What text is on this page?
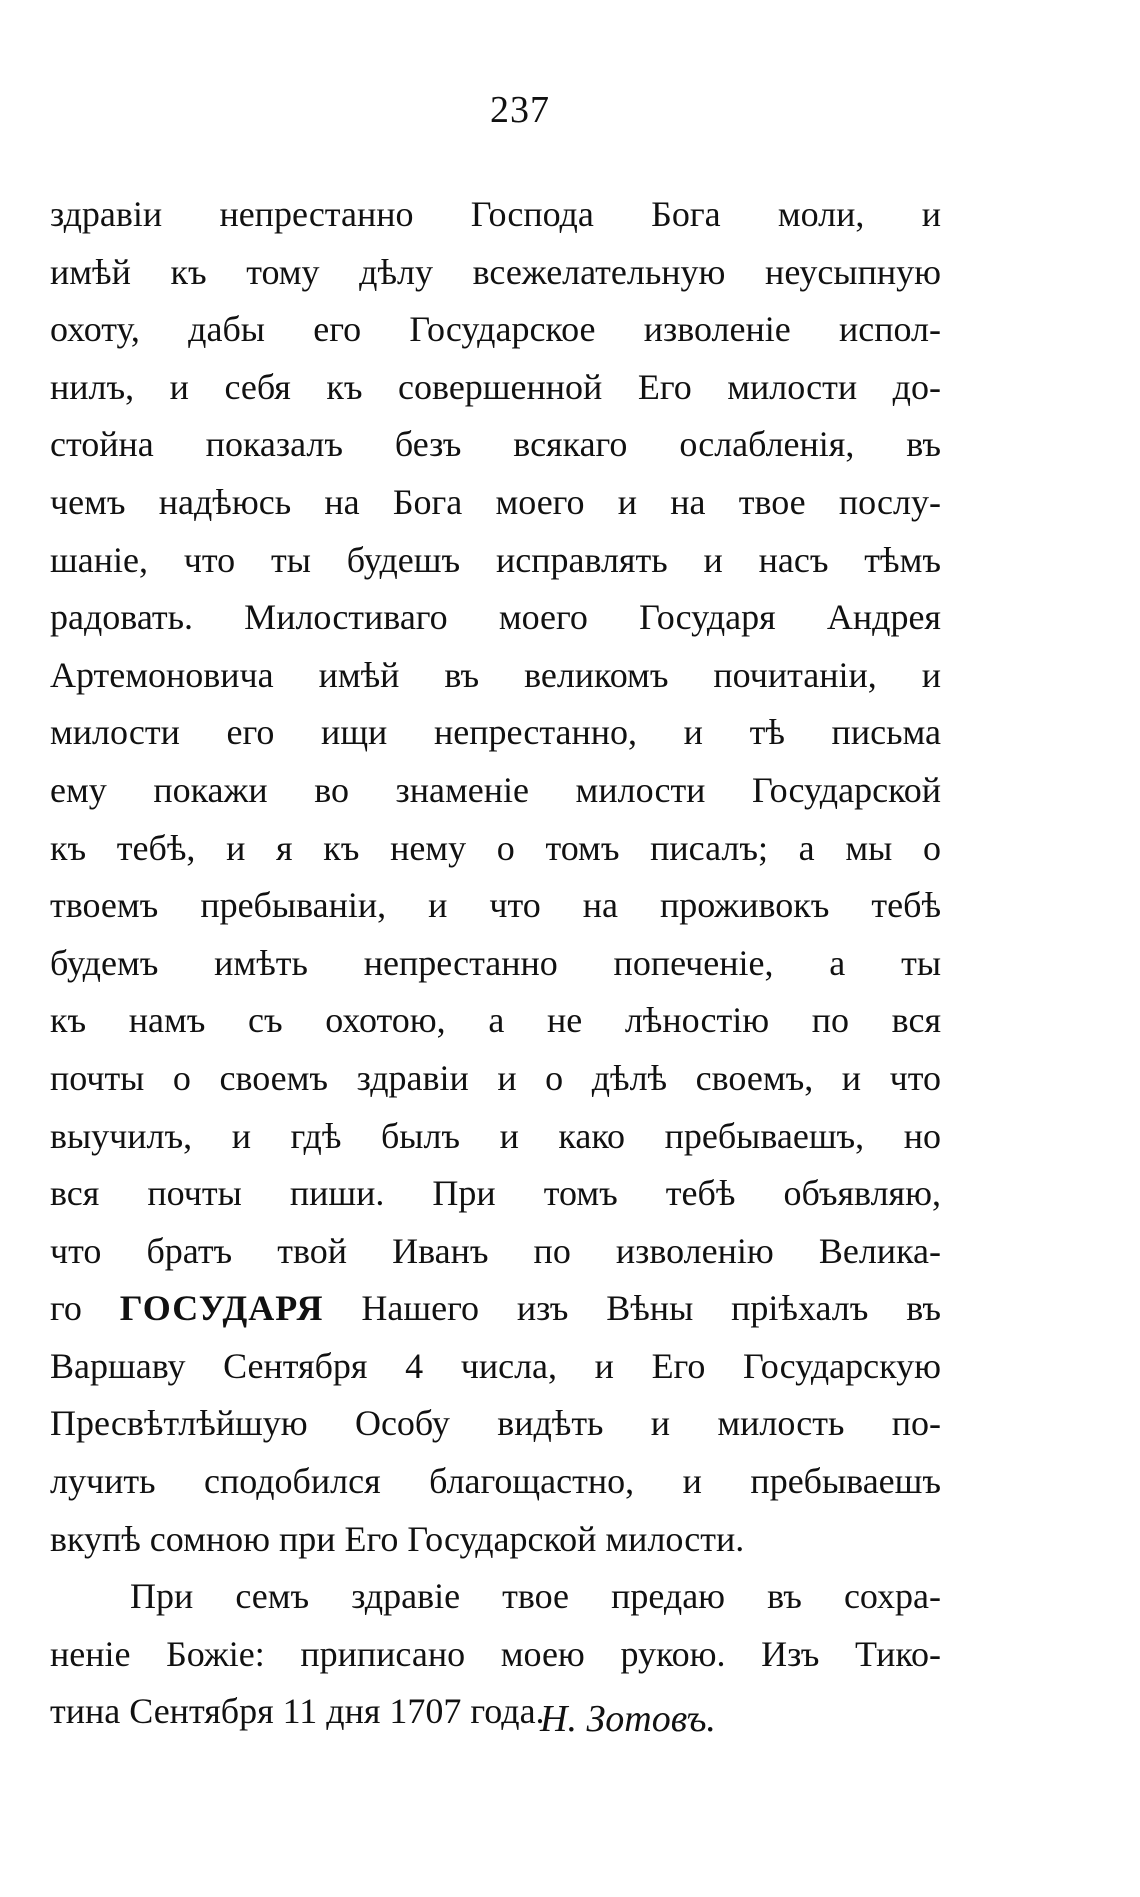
237
здравіи непрестанно Господа Бога моли, и
имѣй къ тому дѣлу всежелательную неусыпную
охоту, дабы его Государское изволеніе испол-
нилъ, и себя къ совершенной Его милости до-
стойна показалъ безъ всякаго ослабленія, въ
чемъ надѣюсь на Бога моего и на твое послу-
шаніе, что ты будешъ исправлять и насъ тѣмъ
радовать. Милостиваго моего Государя Андрея
Артемоновича имѣй въ великомъ почитаніи, и
милости его ищи непрестанно, и тѣ письма
ему покажи во знаменіе милости Государской
къ тебѣ, и я къ нему о томъ писалъ; а мы о
твоемъ пребываніи, и что на проживокъ тебѣ
будемъ имѣть непрестанно попеченіе, а ты
къ намъ съ охотою, а не лѣностію по вся
почты о своемъ здравіи и о дѣлѣ своемъ, и что
выучилъ, и гдѣ былъ и како пребываешъ, но
вся почты пиши. При томъ тебѣ объявляю,
что братъ твой Иванъ по изволенію Велика-
го ГОСУДАРЯ Нашего изъ Вѣны пріѣхалъ въ
Варшаву Сентября 4 числа, и Его Государскую
Пресвѣтлѣйшую Особу видѣть и милость по-
лучить сподобился благощастно, и пребываешъ
вкупѣ сомною при Его Государской милости.
При семъ здравіе твое предаю въ сохра-
неніе Божіе: приписано моею рукою. Изъ Тико-
тина Сентября 11 дня 1707 года.
Н. Зотовъ.
